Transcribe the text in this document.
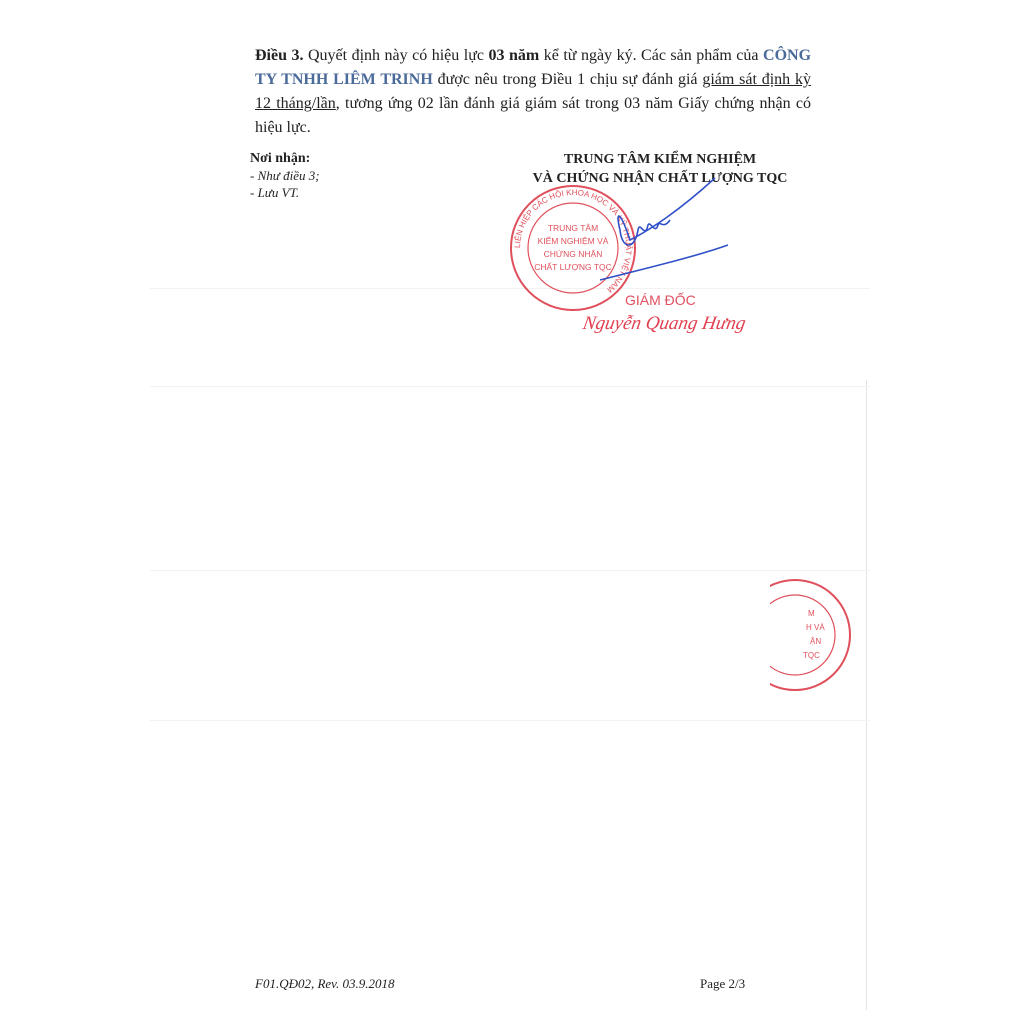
Điều 3. Quyết định này có hiệu lực 03 năm kể từ ngày ký. Các sản phẩm của CÔNG TY TNHH LIÊM TRINH được nêu trong Điều 1 chịu sự đánh giá giám sát định kỳ 12 tháng/lần, tương ứng 02 lần đánh giá giám sát trong 03 năm Giấy chứng nhận có hiệu lực.
Nơi nhận:
- Như điều 3;
- Lưu VT.
TRUNG TÂM KIỂM NGHIỆM
VÀ CHỨNG NHẬN CHẤT LƯỢNG TQC
LIÊN HIỆP CÁC HỘI KHOA HỌC VÀ KỸ THUẬT VIỆT NAM
TRUNG TÂM
KIỂM NGHIỆM VÀ
CHỨNG NHẬN
CHẤT LƯỢNG TQC
GIÁM ĐỐC
Nguyễn Quang Hưng
M
H VÀ
ẬN
TQC
F01.QĐ02, Rev. 03.9.2018	Page 2/3
